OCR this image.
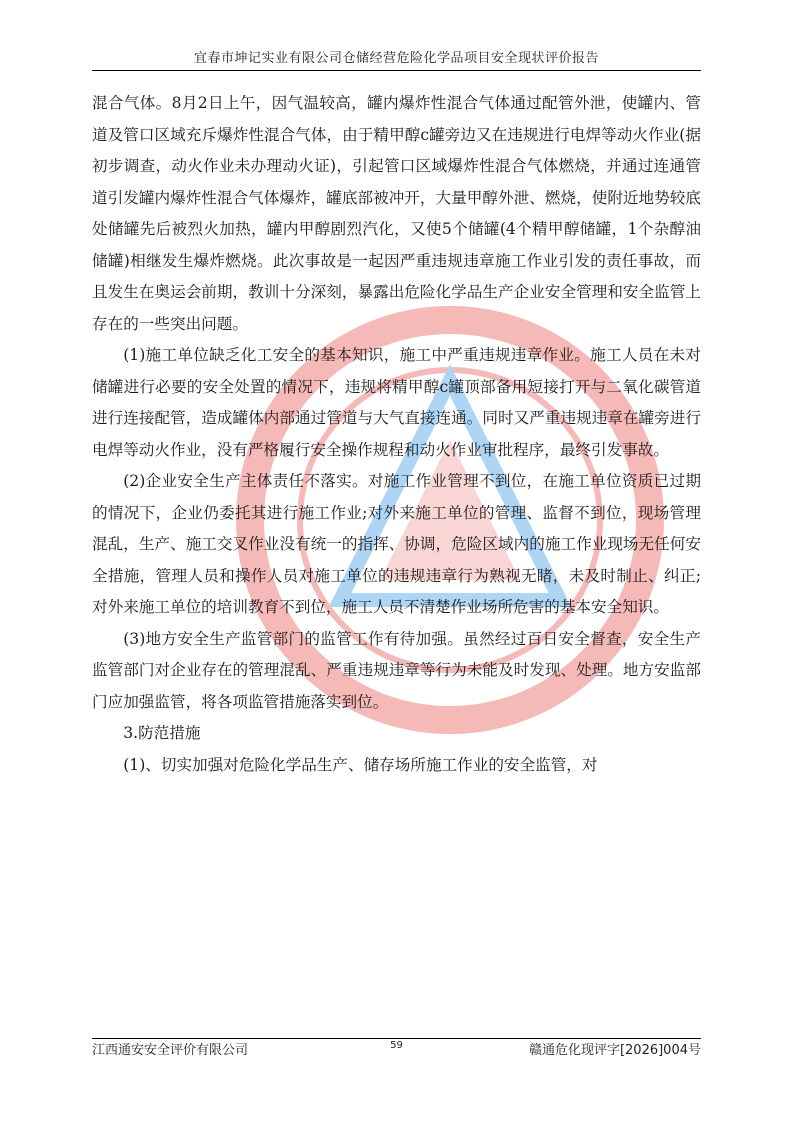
宜春市坤记实业有限公司仓储经营危险化学品项目安全现状评价报告

混合气体。8月2日上午，因气温较高，罐内爆炸性混合气体通过配管外泄，使罐内、管道及管口区域充斥爆炸性混合气体，由于精甲醇c罐旁边又在违规进行电焊等动火作业(据初步调查，动火作业未办理动火证)，引起管口区域爆炸性混合气体燃烧，并通过连通管道引发罐内爆炸性混合气体爆炸，罐底部被冲开，大量甲醇外泄、燃烧，使附近地势较底处储罐先后被烈火加热，罐内甲醇剧烈汽化，又使5个储罐(4个精甲醇储罐，1个杂醇油储罐)相继发生爆炸燃烧。此次事故是一起因严重违规违章施工作业引发的责任事故，而且发生在奥运会前期，教训十分深刻，暴露出危险化学品生产企业安全管理和安全监管上存在的一些突出问题。

(1)施工单位缺乏化工安全的基本知识，施工中严重违规违章作业。施工人员在未对储罐进行必要的安全处置的情况下，违规将精甲醇c罐顶部备用短接打开与二氧化碳管道进行连接配管，造成罐体内部通过管道与大气直接连通。同时又严重违规违章在罐旁进行电焊等动火作业，没有严格履行安全操作规程和动火作业审批程序，最终引发事故。

(2)企业安全生产主体责任不落实。对施工作业管理不到位，在施工单位资质已过期的情况下，企业仍委托其进行施工作业;对外来施工单位的管理、监督不到位，现场管理混乱，生产、施工交叉作业没有统一的指挥、协调，危险区域内的施工作业现场无任何安全措施，管理人员和操作人员对施工单位的违规违章行为熟视无睹，未及时制止、纠正;对外来施工单位的培训教育不到位，施工人员不清楚作业场所危害的基本安全知识。

(3)地方安全生产监管部门的监管工作有待加强。虽然经过百日安全督查，安全生产监管部门对企业存在的管理混乱、严重违规违章等行为未能及时发现、处理。地方安监部门应加强监管，将各项监管措施落实到位。

3.防范措施

(1)、切实加强对危险化学品生产、储存场所施工作业的安全监管，对

江西通安安全评价有限公司	59	赣通危化现评字[2026]004号
